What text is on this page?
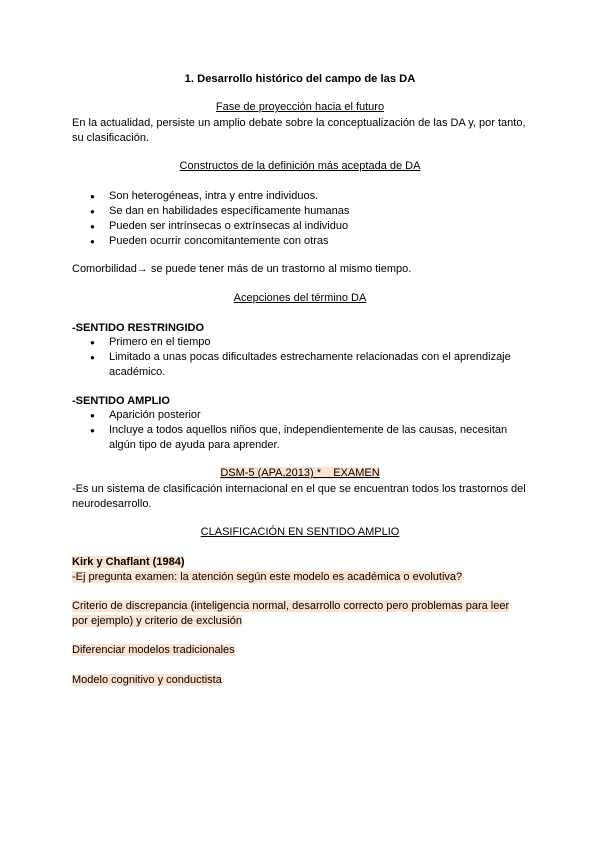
1. Desarrollo histórico del campo de las DA
Fase de proyección hacia el futuro
En la actualidad, persiste un amplio debate sobre la conceptualización de las DA y, por tanto, su clasificación.
Constructos de la definición más aceptada de DA
● Son heterogéneas, intra y entre individuos.
● Se dan en habilidades específicamente humanas
● Pueden ser intrínsecas o extrínsecas al individuo
● Pueden ocurrir concomitantemente con otras
Comorbilidad→ se puede tener más de un trastorno al mismo tiempo.
Acepciones del término DA
-SENTIDO RESTRINGIDO
● Primero en el tiempo
● Limitado a unas pocas dificultades estrechamente relacionadas con el aprendizaje académico.
-SENTIDO AMPLIO
● Aparición posterior
● Incluye a todos aquellos niños que, independientemente de las causas, necesitan algún tipo de ayuda para aprender.
DSM-5 (APA,2013) *    EXAMEN
-Es un sistema de clasificación internacional en el que se encuentran todos los trastornos del neurodesarrollo.
CLASIFICACIÓN EN SENTIDO AMPLIO
Kirk y Chaflant (1984)
-Ej pregunta examen: la atención según este modelo es académica o evolutiva?
Criterio de discrepancia (inteligencia normal, desarrollo correcto pero problemas para leer por ejemplo) y criterio de exclusión
Diferenciar modelos tradicionales
Modelo cognitivo y conductista
